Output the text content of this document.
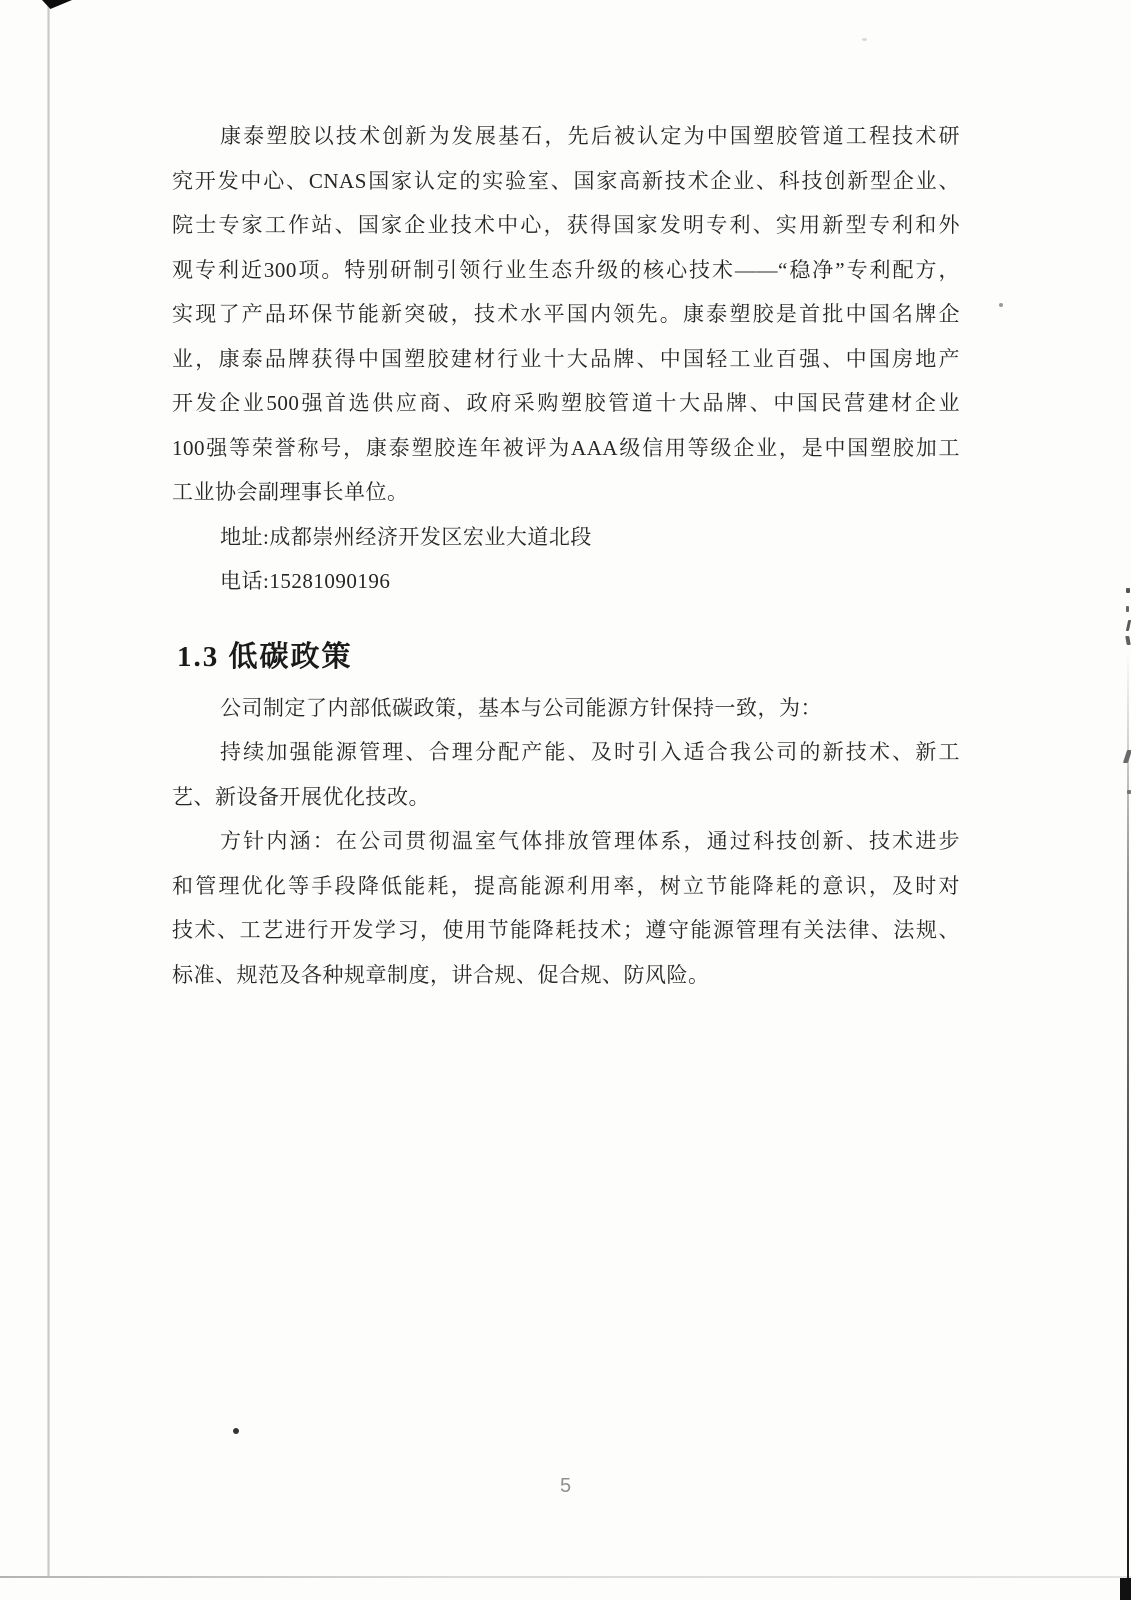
康泰塑胶以技术创新为发展基石，先后被认定为中国塑胶管道工程技术研
究开发中心、CNAS国家认定的实验室、国家高新技术企业、科技创新型企业、
院士专家工作站、国家企业技术中心，获得国家发明专利、实用新型专利和外
观专利近300项。特别研制引领行业生态升级的核心技术——“稳净”专利配方，
实现了产品环保节能新突破，技术水平国内领先。康泰塑胶是首批中国名牌企
业，康泰品牌获得中国塑胶建材行业十大品牌、中国轻工业百强、中国房地产
开发企业500强首选供应商、政府采购塑胶管道十大品牌、中国民营建材企业
100强等荣誉称号，康泰塑胶连年被评为AAA级信用等级企业，是中国塑胶加工
工业协会副理事长单位。
地址:成都崇州经济开发区宏业大道北段
电话:15281090196
1.3 低碳政策
公司制定了内部低碳政策，基本与公司能源方针保持一致，为：
持续加强能源管理、合理分配产能、及时引入适合我公司的新技术、新工
艺、新设备开展优化技改。
方针内涵：在公司贯彻温室气体排放管理体系，通过科技创新、技术进步
和管理优化等手段降低能耗，提高能源利用率，树立节能降耗的意识，及时对
技术、工艺进行开发学习，使用节能降耗技术；遵守能源管理有关法律、法规、
标准、规范及各种规章制度，讲合规、促合规、防风险。
5
